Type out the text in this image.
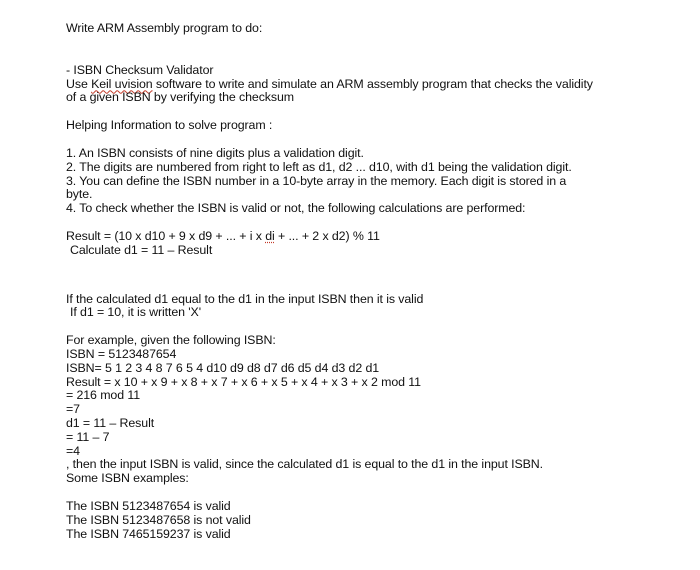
Write ARM Assembly program to do:
- ISBN Checksum Validator
Use Keil uvision software to write and simulate an ARM assembly program that checks the validity
of a given ISBN by verifying the checksum
Helping Information to solve program :
1. An ISBN consists of nine digits plus a validation digit.
2. The digits are numbered from right to left as d1, d2 ... d10, with d1 being the validation digit.
3. You can define the ISBN number in a 10-byte array in the memory. Each digit is stored in a
byte.
4. To check whether the ISBN is valid or not, the following calculations are performed:
Result = (10 x d10 + 9 x d9 + ... + i x di + ... + 2 x d2) % 11
Calculate d1 = 11 – Result
If the calculated d1 equal to the d1 in the input ISBN then it is valid
If d1 = 10, it is written 'X'
For example, given the following ISBN:
ISBN = 5123487654
ISBN= 5 1 2 3 4 8 7 6 5 4 d10 d9 d8 d7 d6 d5 d4 d3 d2 d1
Result = x 10 + x 9 + x 8 + x 7 + x 6 + x 5 + x 4 + x 3 + x 2 mod 11
= 216 mod 11
=7
d1 = 11 – Result
= 11 – 7
=4
, then the input ISBN is valid, since the calculated d1 is equal to the d1 in the input ISBN.
Some ISBN examples:
The ISBN 5123487654 is valid
The ISBN 5123487658 is not valid
The ISBN 7465159237 is valid
